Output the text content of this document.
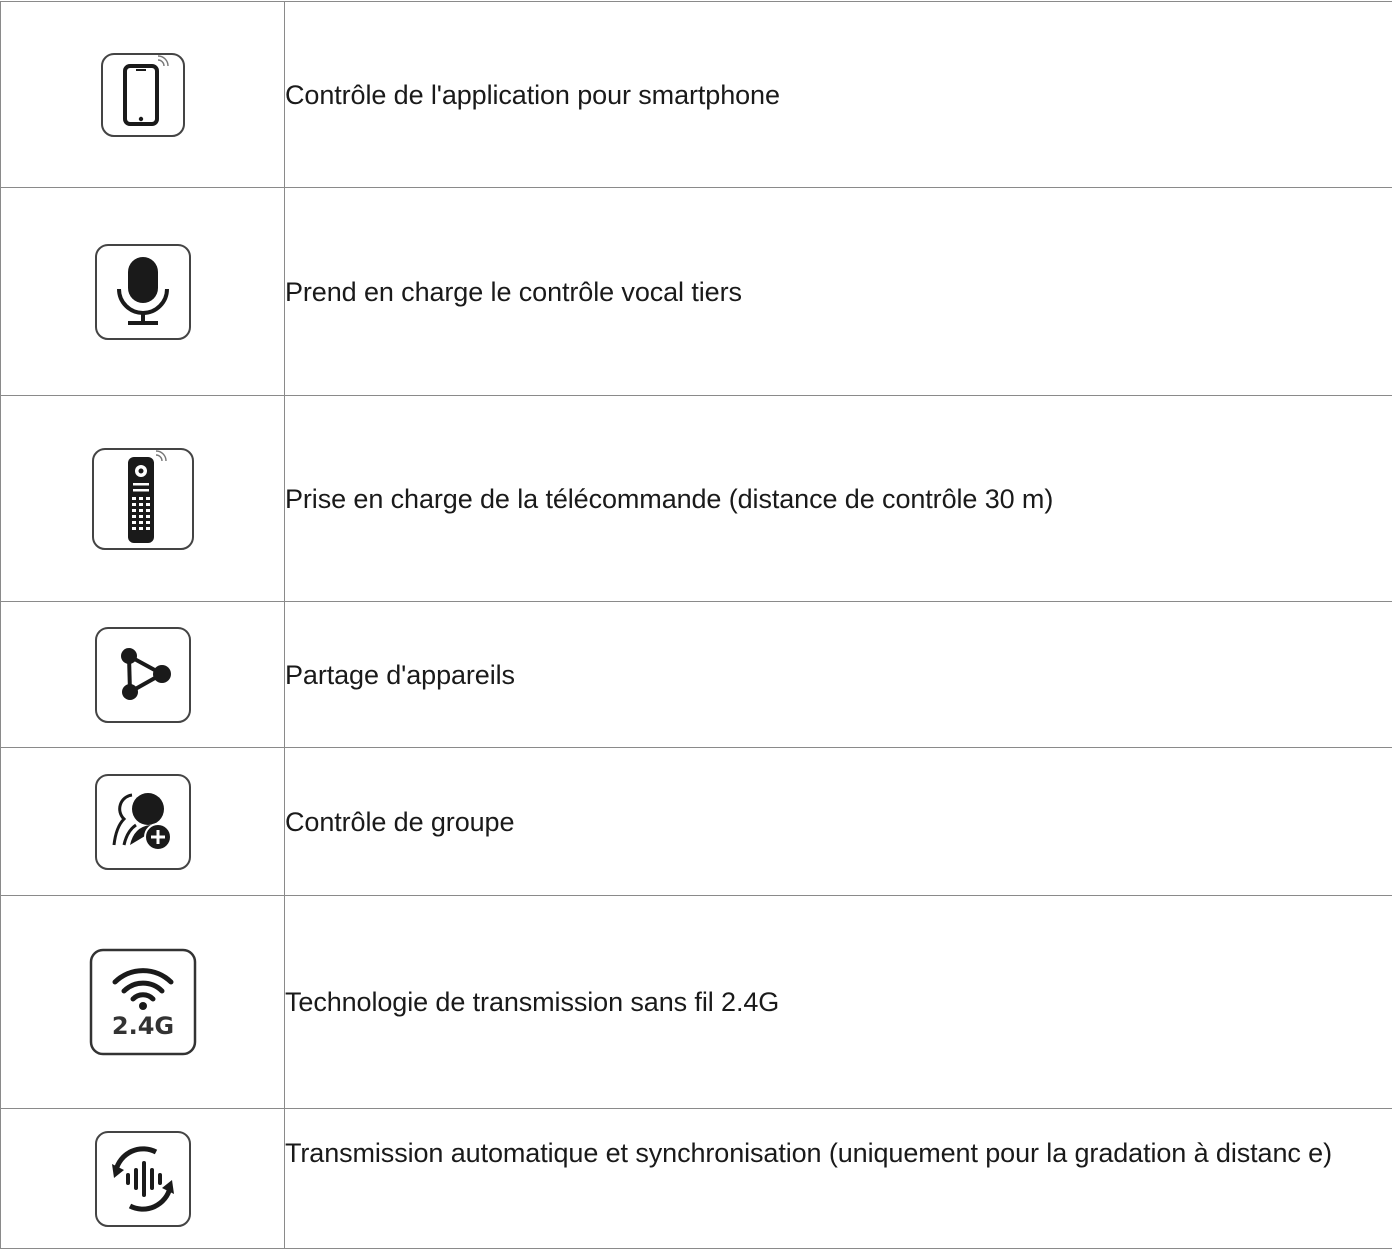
	Contrôle de l'application pour smartphone

	Prend en charge le contrôle vocal tiers

	Prise en charge de la télécommande (distance de contrôle 30 m)

	Partage d'appareils

	Contrôle de groupe

2.4G	Technologie de transmission sans fil 2.4G

	Transmission automatique et synchronisation (uniquement pour la gradation à distanc e)
